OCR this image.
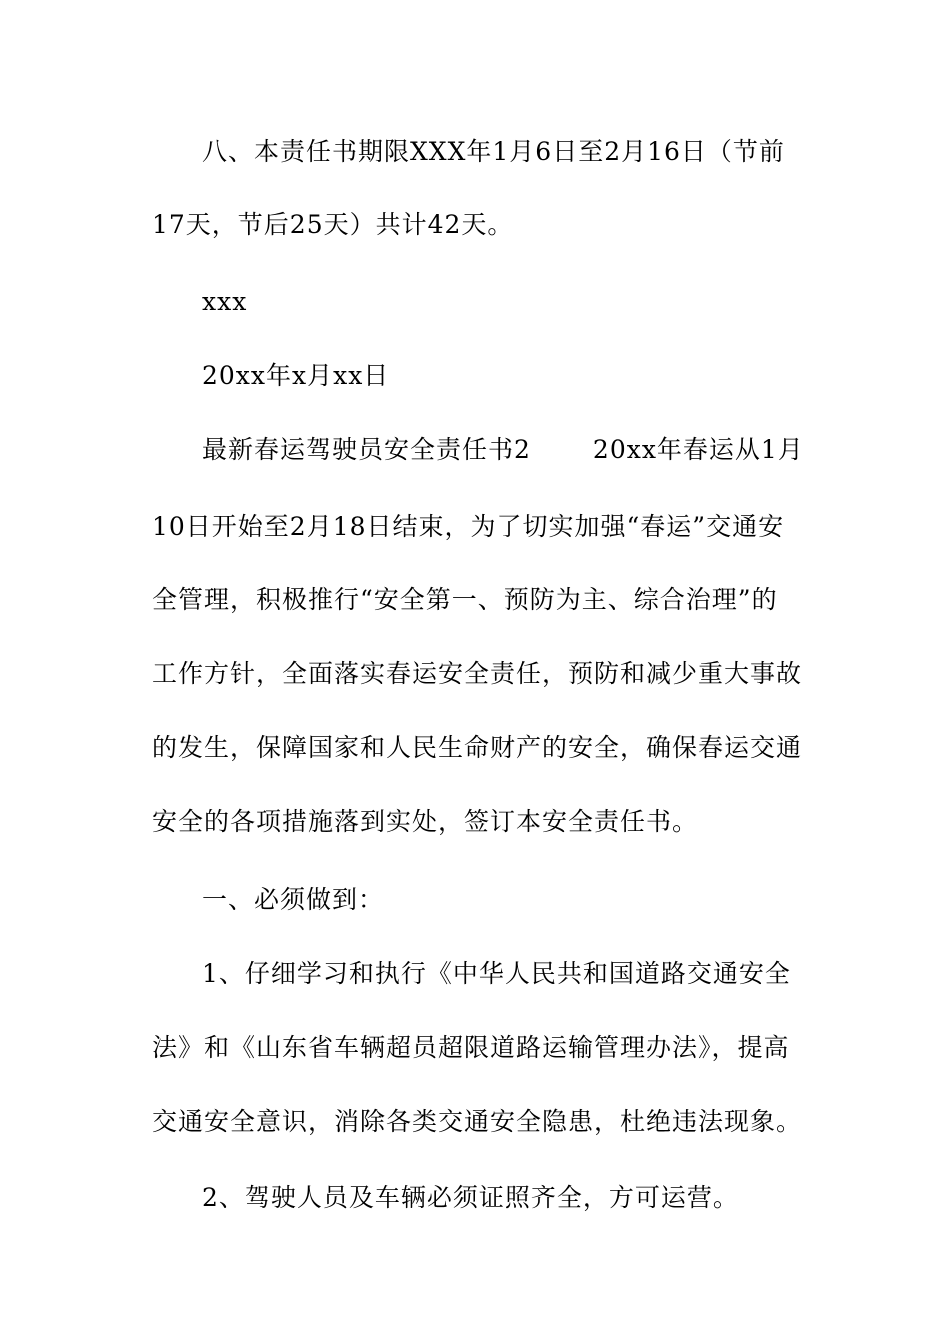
八、本责任书期限XXX年1月6日至2月16日（节前
17天，节后25天）共计42天。
xxx
20xx年x月xx日
最新春运驾驶员安全责任书2 20xx年春运从1月
10日开始至2月18日结束，为了切实加强“春运”交通安
全管理，积极推行“安全第一、预防为主、综合治理”的
工作方针，全面落实春运安全责任，预防和减少重大事故
的发生，保障国家和人民生命财产的安全，确保春运交通
安全的各项措施落到实处，签订本安全责任书。
一、必须做到：
1、仔细学习和执行《中华人民共和国道路交通安全
法》和《山东省车辆超员超限道路运输管理办法》，提高
交通安全意识，消除各类交通安全隐患，杜绝违法现象。
2、驾驶人员及车辆必须证照齐全，方可运营。
